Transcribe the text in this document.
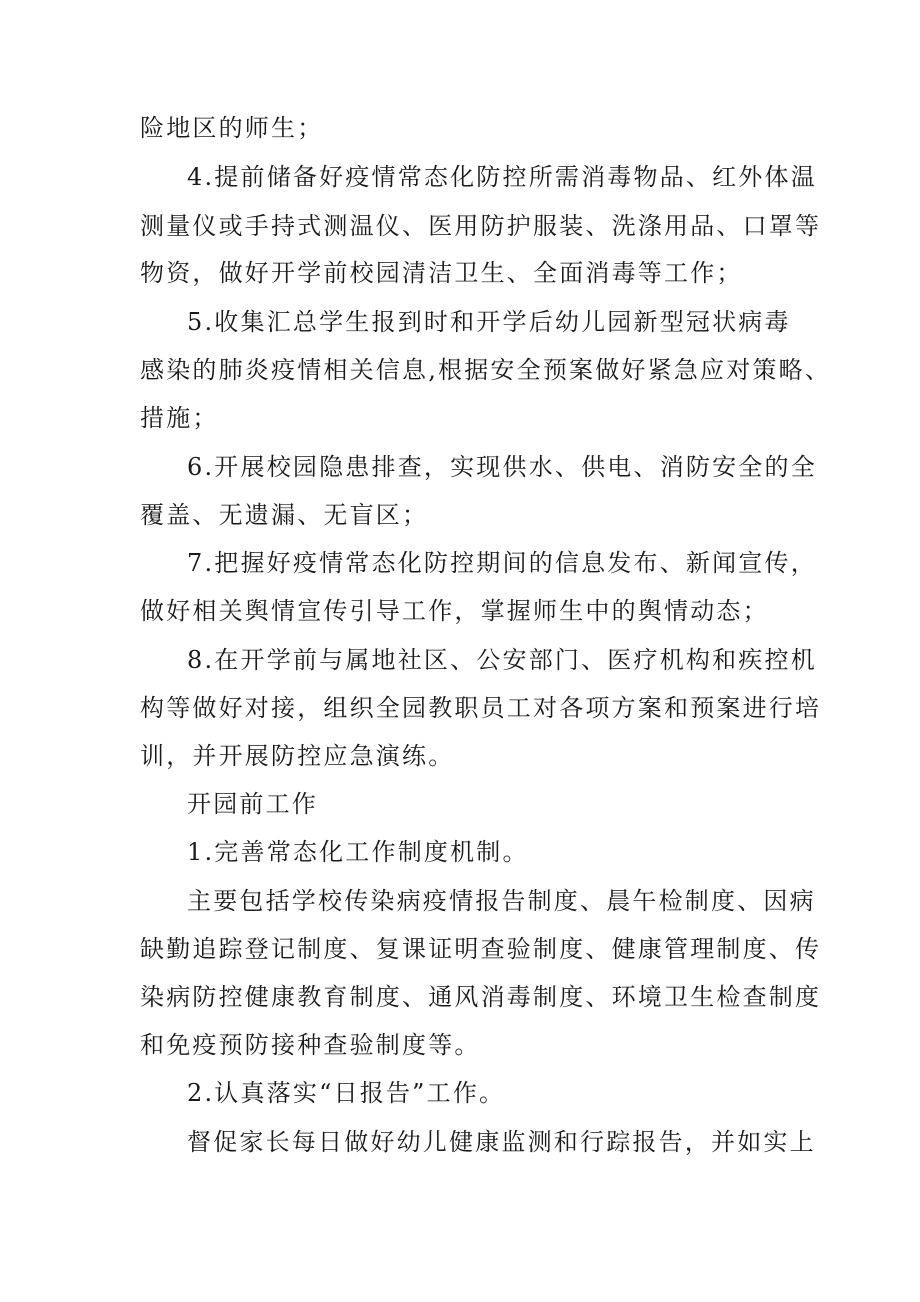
险地区的师生；
4.提前储备好疫情常态化防控所需消毒物品、红外体温
测量仪或手持式测温仪、医用防护服装、洗涤用品、口罩等
物资，做好开学前校园清洁卫生、全面消毒等工作；
5.收集汇总学生报到时和开学后幼儿园新型冠状病毒
感染的肺炎疫情相关信息,根据安全预案做好紧急应对策略、
措施；
6.开展校园隐患排查，实现供水、供电、消防安全的全
覆盖、无遗漏、无盲区；
7.把握好疫情常态化防控期间的信息发布、新闻宣传，
做好相关舆情宣传引导工作，掌握师生中的舆情动态；
8.在开学前与属地社区、公安部门、医疗机构和疾控机
构等做好对接，组织全园教职员工对各项方案和预案进行培
训，并开展防控应急演练。
开园前工作
1.完善常态化工作制度机制。
主要包括学校传染病疫情报告制度、晨午检制度、因病
缺勤追踪登记制度、复课证明查验制度、健康管理制度、传
染病防控健康教育制度、通风消毒制度、环境卫生检查制度
和免疫预防接种查验制度等。
2.认真落实“日报告”工作。
督促家长每日做好幼儿健康监测和行踪报告，并如实上
